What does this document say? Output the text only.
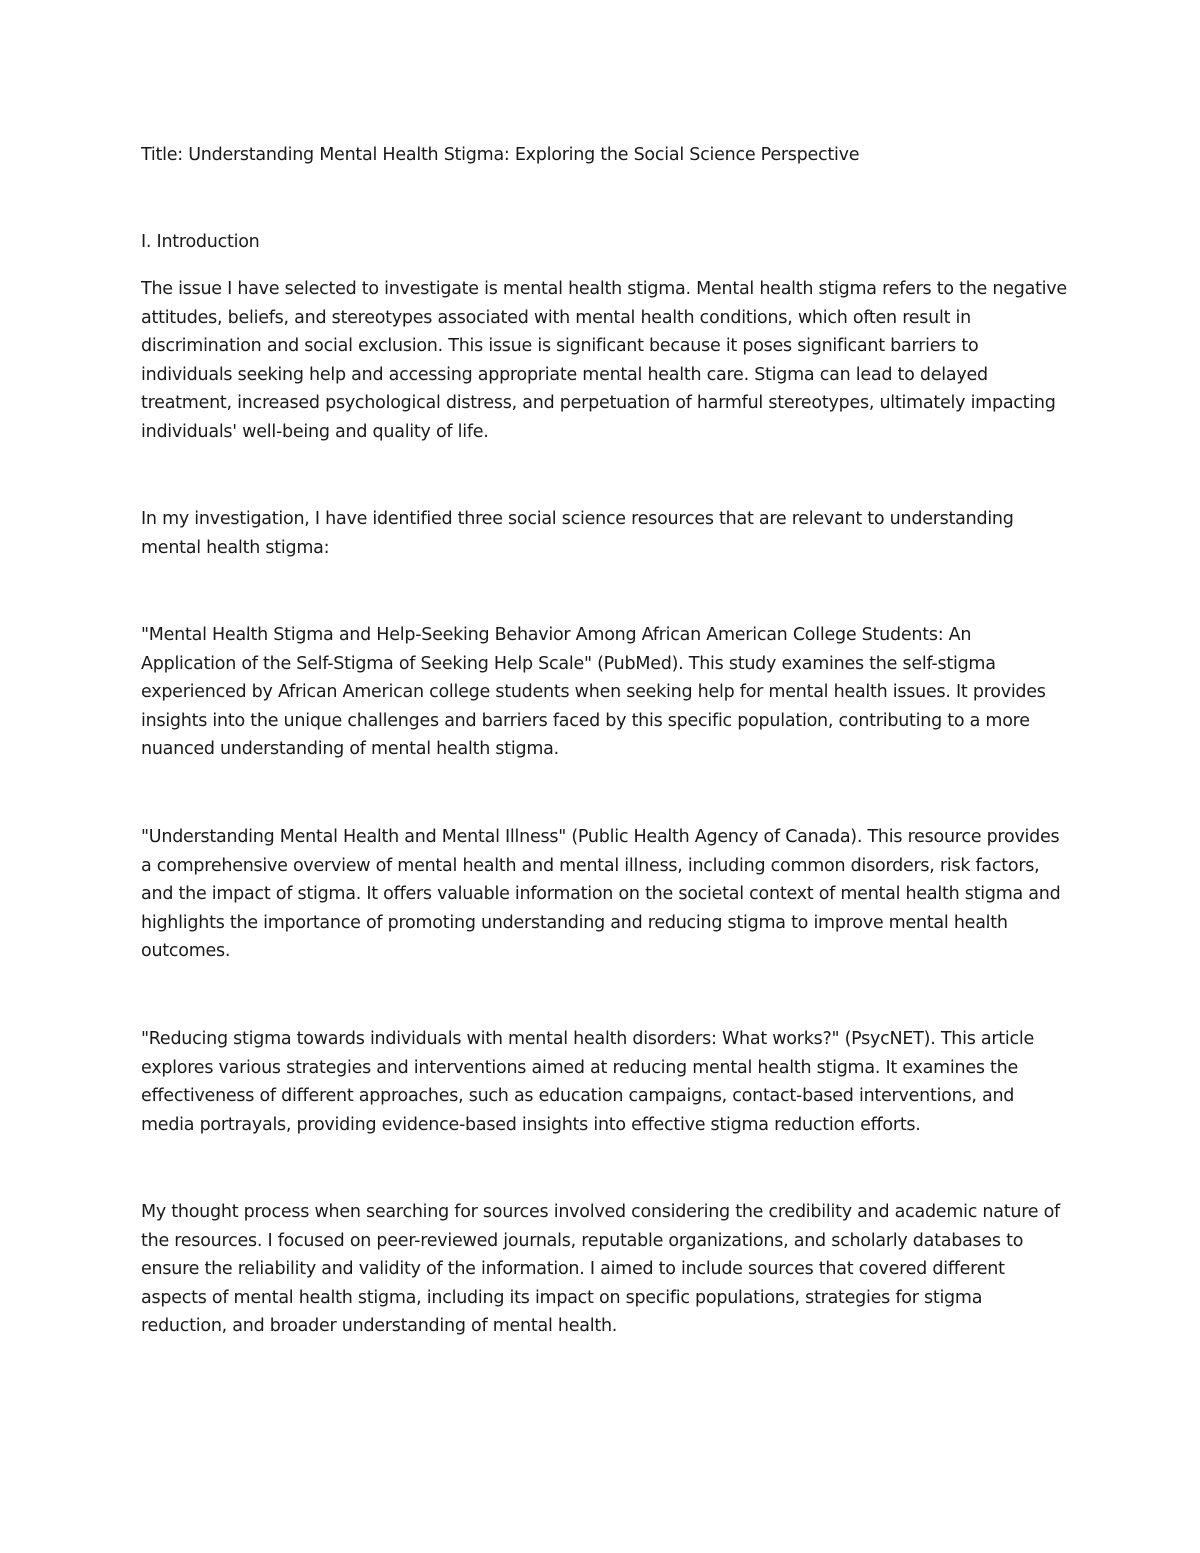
Title: Understanding Mental Health Stigma: Exploring the Social Science Perspective

I. Introduction

The issue I have selected to investigate is mental health stigma. Mental health stigma refers to the negative attitudes, beliefs, and stereotypes associated with mental health conditions, which often result in discrimination and social exclusion. This issue is significant because it poses significant barriers to individuals seeking help and accessing appropriate mental health care. Stigma can lead to delayed treatment, increased psychological distress, and perpetuation of harmful stereotypes, ultimately impacting individuals' well-being and quality of life.

In my investigation, I have identified three social science resources that are relevant to understanding mental health stigma:

"Mental Health Stigma and Help-Seeking Behavior Among African American College Students: An Application of the Self-Stigma of Seeking Help Scale" (PubMed). This study examines the self-stigma experienced by African American college students when seeking help for mental health issues. It provides insights into the unique challenges and barriers faced by this specific population, contributing to a more nuanced understanding of mental health stigma.

"Understanding Mental Health and Mental Illness" (Public Health Agency of Canada). This resource provides a comprehensive overview of mental health and mental illness, including common disorders, risk factors, and the impact of stigma. It offers valuable information on the societal context of mental health stigma and highlights the importance of promoting understanding and reducing stigma to improve mental health outcomes.

"Reducing stigma towards individuals with mental health disorders: What works?" (PsycNET). This article explores various strategies and interventions aimed at reducing mental health stigma. It examines the effectiveness of different approaches, such as education campaigns, contact-based interventions, and media portrayals, providing evidence-based insights into effective stigma reduction efforts.

My thought process when searching for sources involved considering the credibility and academic nature of the resources. I focused on peer-reviewed journals, reputable organizations, and scholarly databases to ensure the reliability and validity of the information. I aimed to include sources that covered different aspects of mental health stigma, including its impact on specific populations, strategies for stigma reduction, and broader understanding of mental health.
